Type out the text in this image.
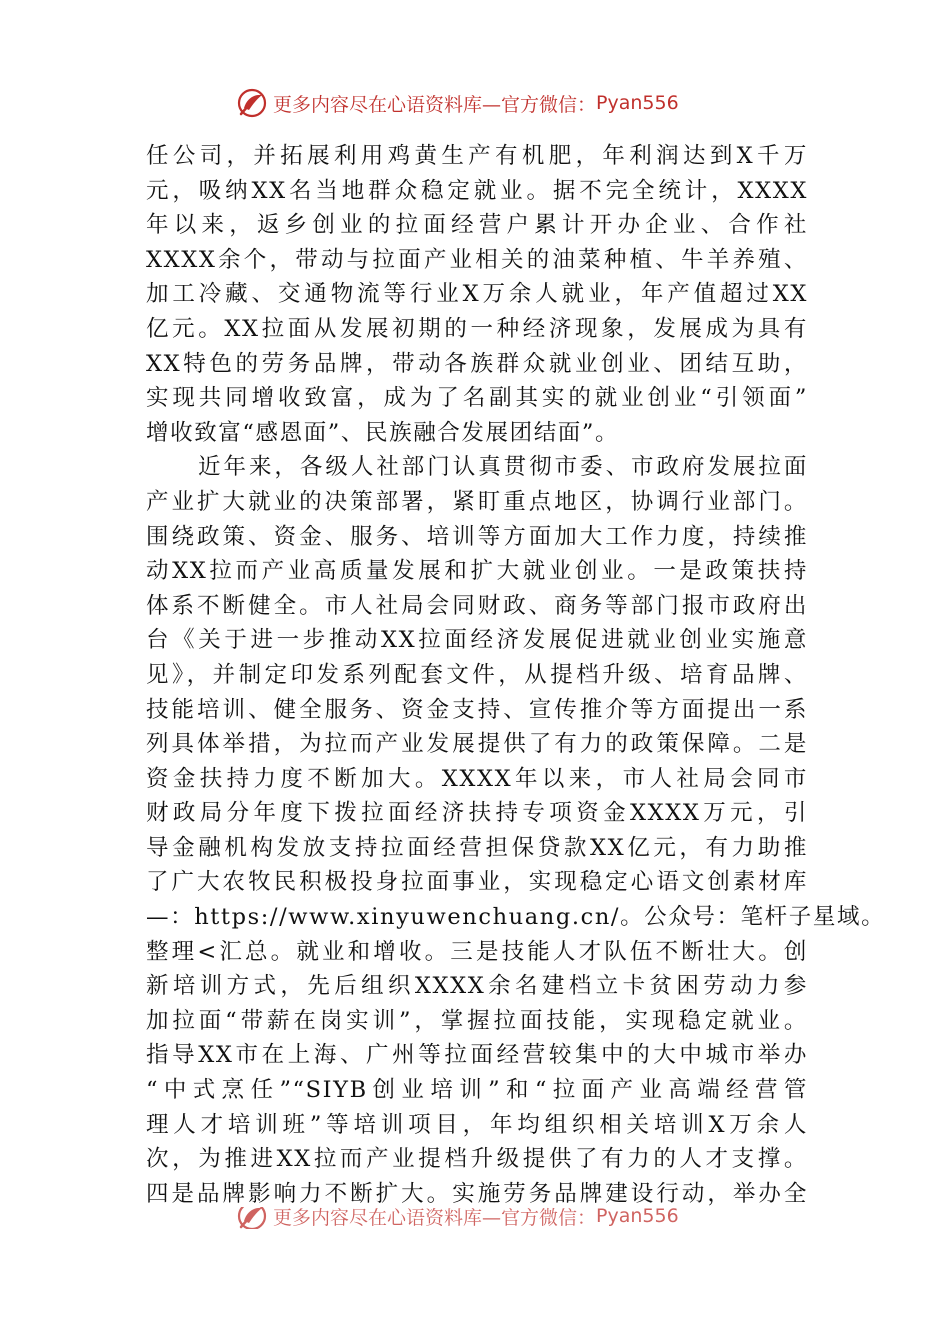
更多内容尽在心语资料库—官方微信： Pyan556
任公司，并拓展利用鸡黄生产有机肥，年利润达到X千万
元，吸纳XX名当地群众稳定就业。据不完全统计，XXXX
年以来，返乡创业的拉面经营户累计开办企业、合作社
XXXX余个，带动与拉面产业相关的油菜种植、牛羊养殖、
加工冷藏、交通物流等行业X万余人就业，年产值超过XX
亿元。XX拉面从发展初期的一种经济现象，发展成为具有
XX特色的劳务品牌，带动各族群众就业创业、团结互助，
实现共同增收致富，成为了名副其实的就业创业“引领面”
增收致富“感恩面”、民族融合发展团结面”。
近年来，各级人社部门认真贯彻市委、市政府发展拉面
产业扩大就业的决策部署，紧盯重点地区，协调行业部门。
围绕政策、资金、服务、培训等方面加大工作力度，持续推
动XX拉而产业高质量发展和扩大就业创业。一是政策扶持
体系不断健全。市人社局会同财政、商务等部门报市政府出
台《关于进一步推动XX拉面经济发展促进就业创业实施意
见》，并制定印发系列配套文件，从提档升级、培育品牌、
技能培训、健全服务、资金支持、宣传推介等方面提出一系
列具体举措，为拉而产业发展提供了有力的政策保障。二是
资金扶持力度不断加大。XXXX年以来，市人社局会同市
财政局分年度下拨拉面经济扶持专项资金XXXX万元，引
导金融机构发放支持拉面经营担保贷款XX亿元，有力助推
了广大农牧民积极投身拉面事业，实现稳定心语文创素材库
—：https://www.xinyuwenchuang.cn/。公众号：笔杆子星域。
整理<汇总。就业和增收。三是技能人才队伍不断壮大。创
新培训方式，先后组织XXXX余名建档立卡贫困劳动力参
加拉面“带薪在岗实训”，掌握拉面技能，实现稳定就业。
指导XX市在上海、广州等拉面经营较集中的大中城市举办
“中式烹任”“SIYB创业培训”和“拉面产业高端经营管
理人才培训班”等培训项目，年均组织相关培训X万余人
次，为推进XX拉而产业提档升级提供了有力的人才支撑。
四是品牌影响力不断扩大。实施劳务品牌建设行动，举办全
更多内容尽在心语资料库—官方微信： Pyan556
